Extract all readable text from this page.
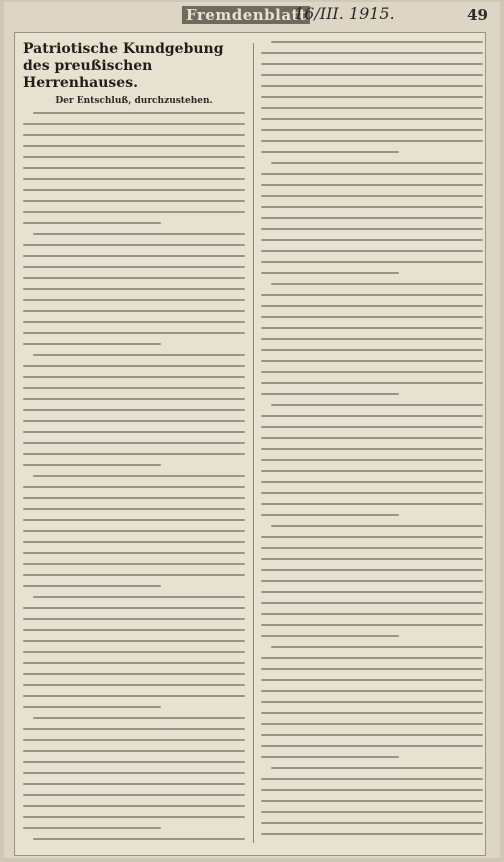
Fremdenblatt
16/III. 1915.	49
Patriotische Kundgebung des preußischen Herrenhauses.
Der Entschluß, durchzustehen.
